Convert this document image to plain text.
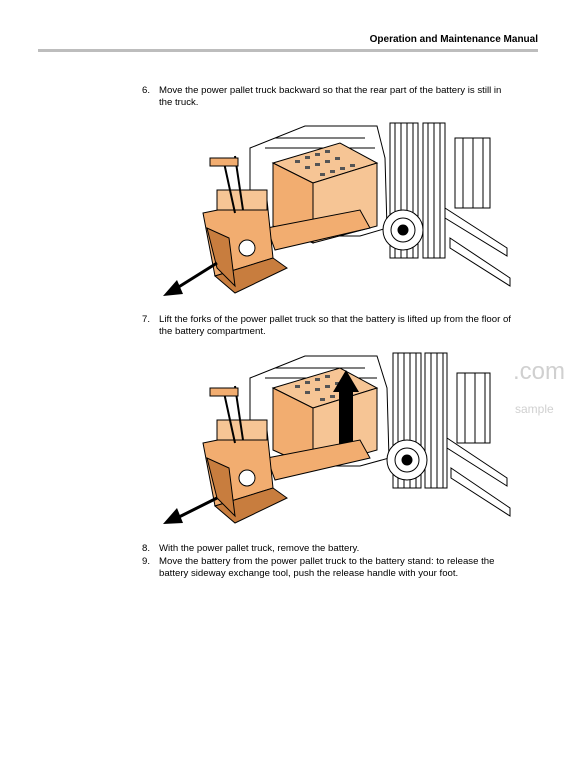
Operation and Maintenance Manual
6. Move the power pallet truck backward so that the rear part of the battery is still in the truck.
7. Lift the forks of the power pallet truck so that the battery is lifted up from the floor of the battery compartment.
.com
sample
8. With the power pallet truck, remove the battery.
9. Move the battery from the power pallet truck to the battery stand: to release the battery sideway exchange tool, push the release handle with your foot.
